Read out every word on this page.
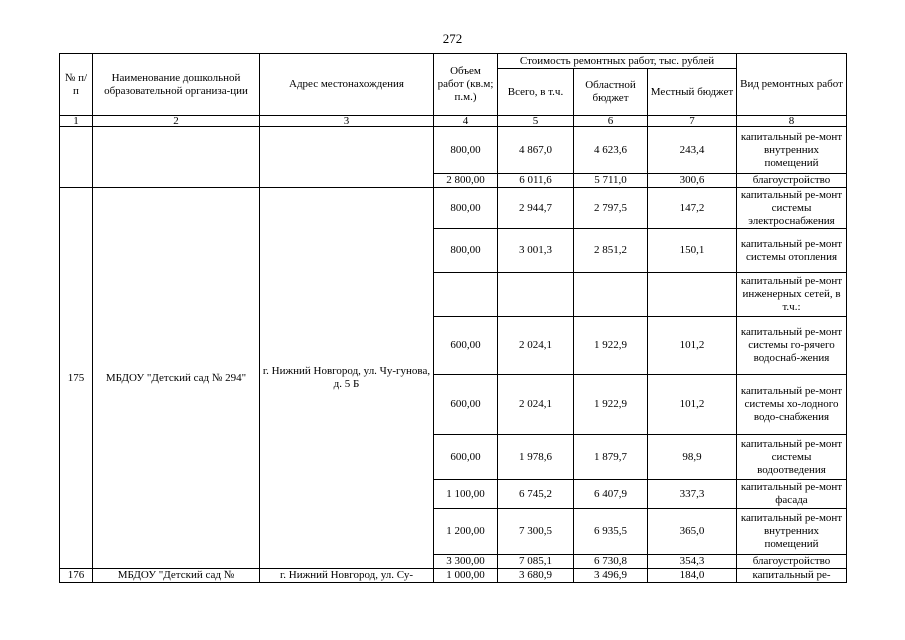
272
№ п/п	Наименование дошкольной образовательной организа-ции	Адрес местонахождения	Объем работ (кв.м; п.м.)	Стоимость ремонтных работ, тыс. рублей			Вид ремонтных работ
				Всего, в т.ч.	Областной бюджет	Местный бюджет	
1	2	3	4	5	6	7	8
			800,00	4 867,0	4 623,6	243,4	капитальный ре-монт внутренних помещений
			2 800,00	6 011,6	5 711,0	300,6	благоустройство
175	МБДОУ "Детский сад № 294"	г. Нижний Новгород, ул. Чу-гунова, д. 5 Б	800,00	2 944,7	2 797,5	147,2	капитальный ре-монт системы электроснабжения
			800,00	3 001,3	2 851,2	150,1	капитальный ре-монт системы отопления
							капитальный ре-монт инженерных сетей, в т.ч.:
			600,00	2 024,1	1 922,9	101,2	капитальный ре-монт системы го-рячего водоснаб-жения
			600,00	2 024,1	1 922,9	101,2	капитальный ре-монт системы хо-лодного водо-снабжения
			600,00	1 978,6	1 879,7	98,9	капитальный ре-монт системы водоотведения
			1 100,00	6 745,2	6 407,9	337,3	капитальный ре-монт фасада
			1 200,00	7 300,5	6 935,5	365,0	капитальный ре-монт внутренних помещений
			3 300,00	7 085,1	6 730,8	354,3	благоустройство
176	МБДОУ "Детский сад №	г. Нижний Новгород, ул. Су-	1 000,00	3 680,9	3 496,9	184,0	капитальный ре-
